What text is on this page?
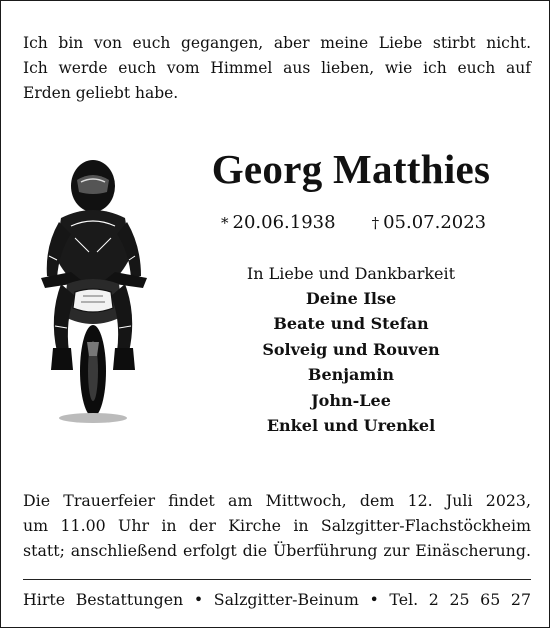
Ich bin von euch gegangen, aber meine Liebe stirbt nicht.
Ich werde euch vom Himmel aus lieben, wie ich euch auf
Erden geliebt habe.
Georg Matthies
* 20.06.1938 † 05.07.2023
In Liebe und Dankbarkeit
Deine Ilse
Beate und Stefan
Solveig und Rouven
Benjamin
John-Lee
Enkel und Urenkel
Die Trauerfeier findet am Mittwoch, dem 12. Juli 2023,
um 11.00 Uhr in der Kirche in Salzgitter-Flachstöckheim
statt; anschließend erfolgt die Überführung zur Einäscherung.
Hirte Bestattungen • Salzgitter-Beinum • Tel. 2 25 65 27
